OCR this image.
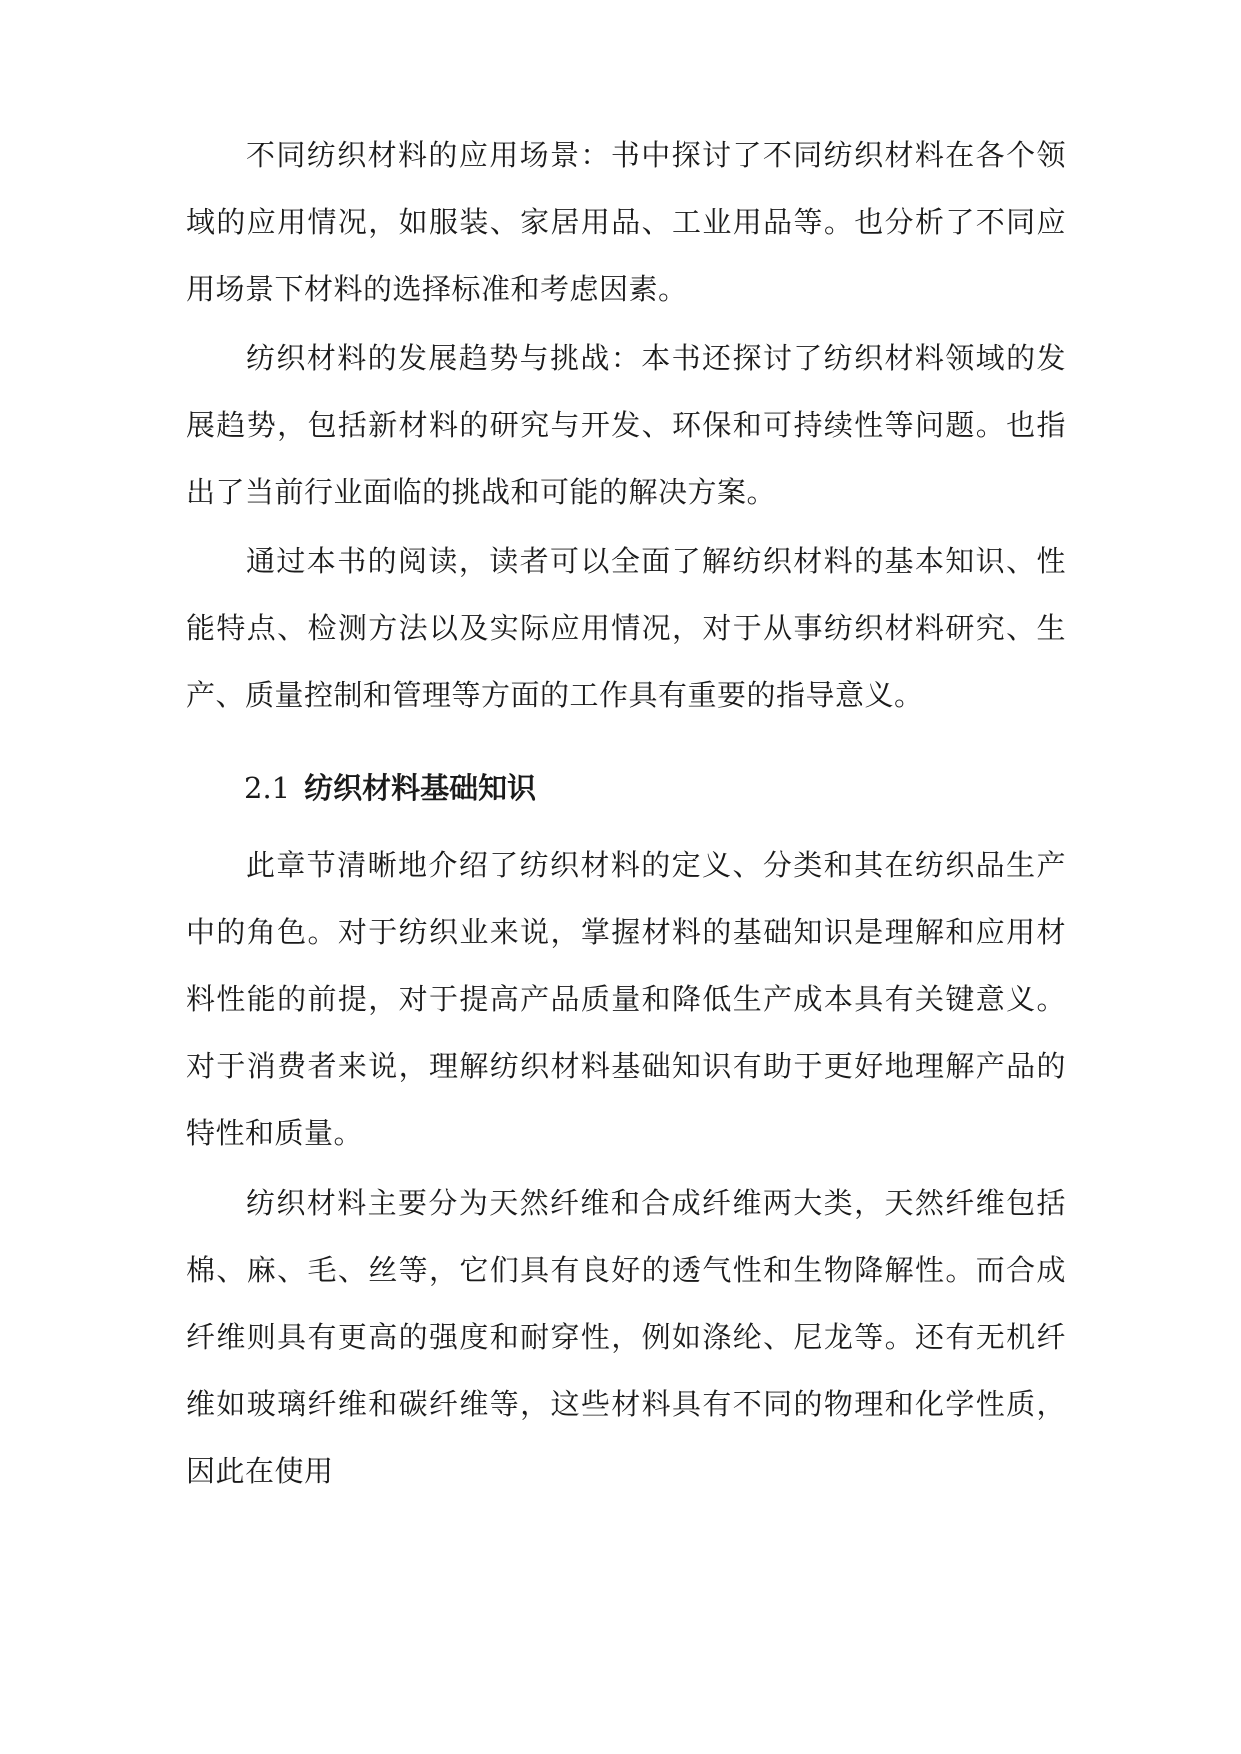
不同纺织材料的应用场景：书中探讨了不同纺织材料在各个领域的应用情况，如服装、家居用品、工业用品等。也分析了不同应用场景下材料的选择标准和考虑因素。

纺织材料的发展趋势与挑战：本书还探讨了纺织材料领域的发展趋势，包括新材料的研究与开发、环保和可持续性等问题。也指出了当前行业面临的挑战和可能的解决方案。

通过本书的阅读，读者可以全面了解纺织材料的基本知识、性能特点、检测方法以及实际应用情况，对于从事纺织材料研究、生产、质量控制和管理等方面的工作具有重要的指导意义。

2.1 纺织材料基础知识

此章节清晰地介绍了纺织材料的定义、分类和其在纺织品生产中的角色。对于纺织业来说，掌握材料的基础知识是理解和应用材料性能的前提，对于提高产品质量和降低生产成本具有关键意义。对于消费者来说，理解纺织材料基础知识有助于更好地理解产品的特性和质量。

纺织材料主要分为天然纤维和合成纤维两大类，天然纤维包括棉、麻、毛、丝等，它们具有良好的透气性和生物降解性。而合成纤维则具有更高的强度和耐穿性，例如涤纶、尼龙等。还有无机纤维如玻璃纤维和碳纤维等，这些材料具有不同的物理和化学性质，因此在使用
